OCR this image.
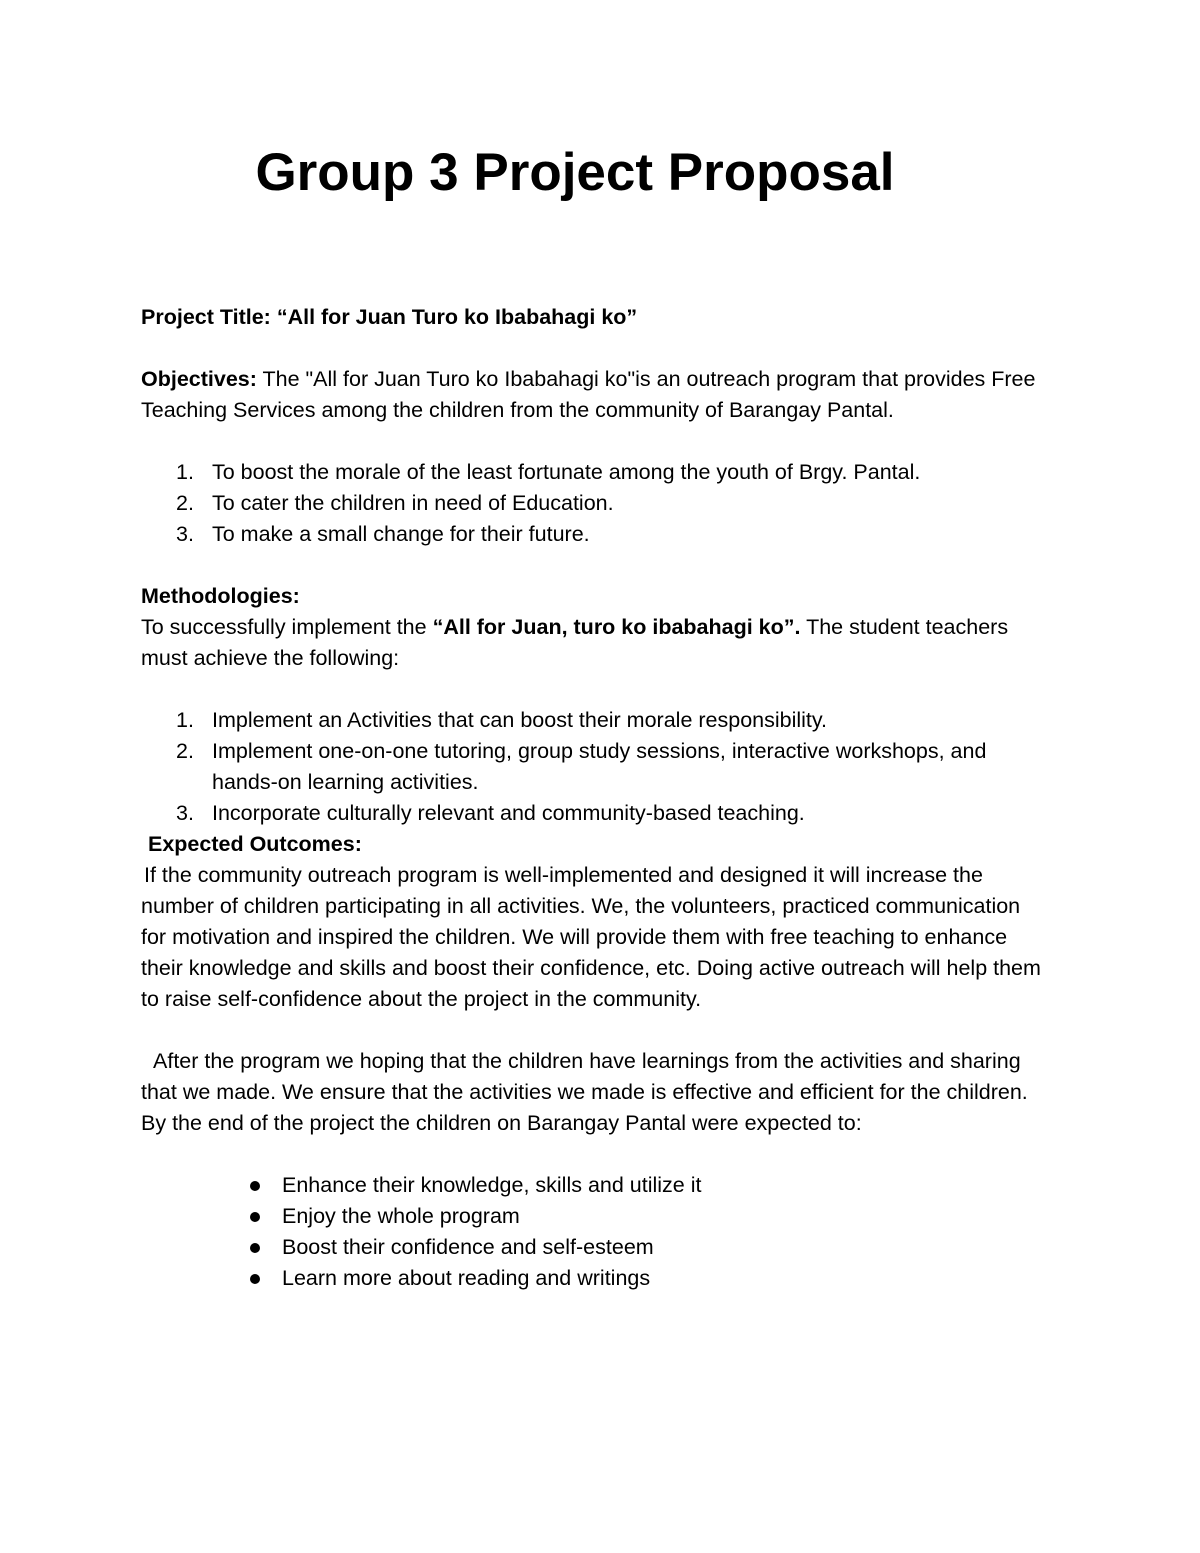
Group 3 Project Proposal

Project Title: “All for Juan Turo ko Ibabahagi ko”

Objectives: The "All for Juan Turo ko Ibabahagi ko"is an outreach program that provides Free Teaching Services among the children from the community of Barangay Pantal.

1. To boost the morale of the least fortunate among the youth of Brgy. Pantal.
2. To cater the children in need of Education.
3. To make a small change for their future.

Methodologies:

To successfully implement the “All for Juan, turo ko ibabahagi ko”. The student teachers must achieve the following:

1. Implement an Activities that can boost their morale responsibility.
2. Implement one-on-one tutoring, group study sessions, interactive workshops, and hands-on learning activities.
3. Incorporate culturally relevant and community-based teaching.

Expected Outcomes:

If the community outreach program is well-implemented and designed it will increase the number of children participating in all activities. We, the volunteers, practiced communication for motivation and inspired the children. We will provide them with free teaching to enhance their knowledge and skills and boost their confidence, etc. Doing active outreach will help them to raise self-confidence about the project in the community.

After the program we hoping that the children have learnings from the activities and sharing that we made. We ensure that the activities we made is effective and efficient for the children. By the end of the project the children on Barangay Pantal were expected to:

Enhance their knowledge, skills and utilize it
Enjoy the whole program
Boost their confidence and self-esteem
Learn more about reading and writings
